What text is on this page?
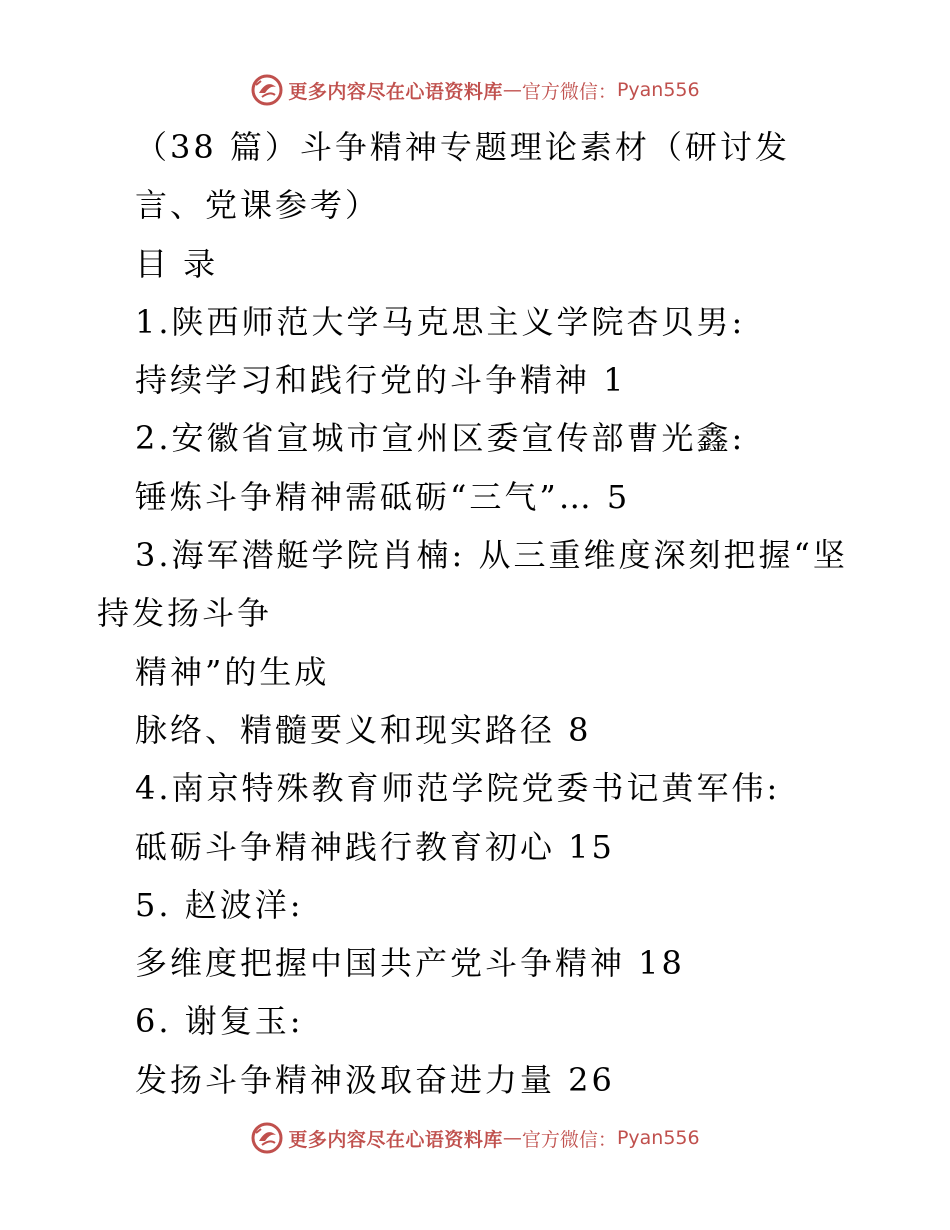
更多内容尽在心语资料库 — 官方微信： Pyan556
（38 篇）斗争精神专题理论素材（研讨发
言、党课参考）
目 录
1.陕西师范大学马克思主义学院杏贝男:
持续学习和践行党的斗争精神 1
2.安徽省宣城市宣州区委宣传部曹光鑫:
锤炼斗争精神需砥砺“三气”… 5
3.海军潜艇学院肖楠: 从三重维度深刻把握“坚
持发扬斗争
精神”的生成
脉络、精髓要义和现实路径 8
4.南京特殊教育师范学院党委书记黄军伟:
砥砺斗争精神践行教育初心 15
5. 赵波洋:
多维度把握中国共产党斗争精神 18
6. 谢复玉:
发扬斗争精神汲取奋进力量 26
更多内容尽在心语资料库 — 官方微信： Pyan556
